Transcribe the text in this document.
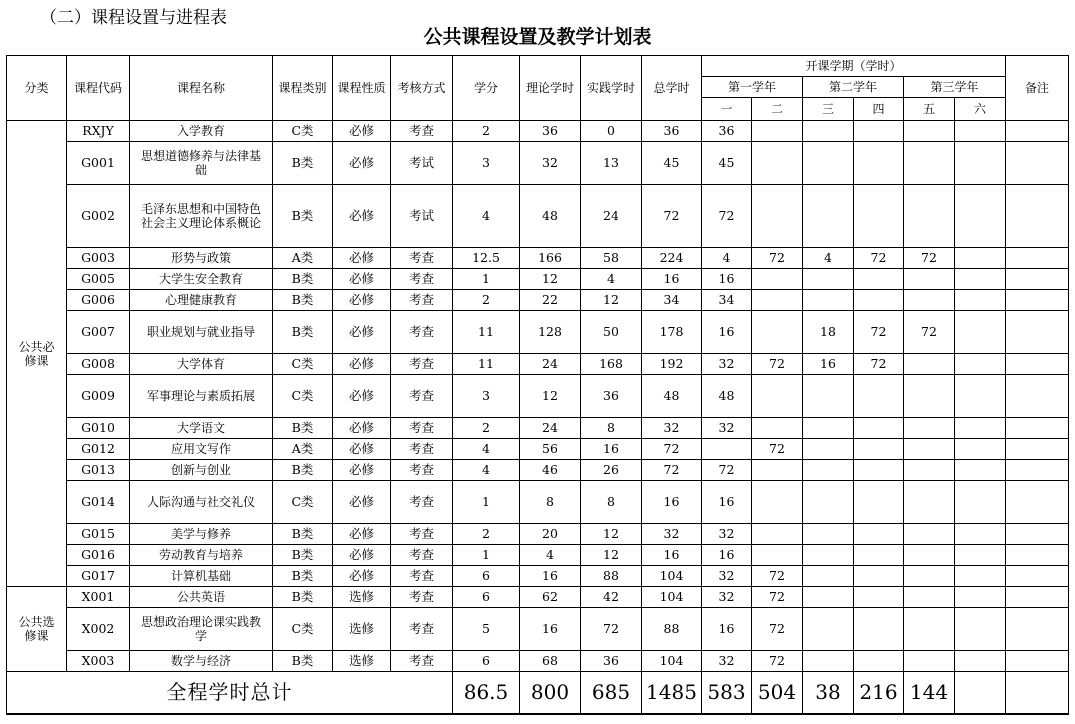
（二）课程设置与进程表
公共课程设置及教学计划表
分类	课程代码	课程名称	课程类别	课程性质	考核方式	学分	理论学时	实践学时	总学时	开课学期（学时）						备注
										第一学年		第二学年		第三学年		
										一	二	三	四	五	六	
公共必修课	RXJY	入学教育	C类	必修	考查	2	36	0	36	36						
	G001	思想道德修养与法律基础	B类	必修	考试	3	32	13	45	45						
	G002	毛泽东思想和中国特色社会主义理论体系概论	B类	必修	考试	4	48	24	72	72						
	G003	形势与政策	A类	必修	考查	12.5	166	58	224	4	72	4	72	72		
	G005	大学生安全教育	B类	必修	考查	1	12	4	16	16						
	G006	心理健康教育	B类	必修	考查	2	22	12	34	34						
	G007	职业规划与就业指导	B类	必修	考查	11	128	50	178	16		18	72	72		
	G008	大学体育	C类	必修	考查	11	24	168	192	32	72	16	72			
	G009	军事理论与素质拓展	C类	必修	考查	3	12	36	48	48						
	G010	大学语文	B类	必修	考查	2	24	8	32	32						
	G012	应用文写作	A类	必修	考查	4	56	16	72		72					
	G013	创新与创业	B类	必修	考查	4	46	26	72	72						
	G014	人际沟通与社交礼仪	C类	必修	考查	1	8	8	16	16						
	G015	美学与修养	B类	必修	考查	2	20	12	32	32						
	G016	劳动教育与培养	B类	必修	考查	1	4	12	16	16						
	G017	计算机基础	B类	必修	考查	6	16	88	104	32	72					
公共选修课	X001	公共英语	B类	选修	考查	6	62	42	104	32	72					
	X002	思想政治理论课实践教学	C类	选修	考查	5	16	72	88	16	72					
	X003	数学与经济	B类	选修	考查	6	68	36	104	32	72					
全程学时总计						86.5	800	685	1485	583	504	38	216	144		
